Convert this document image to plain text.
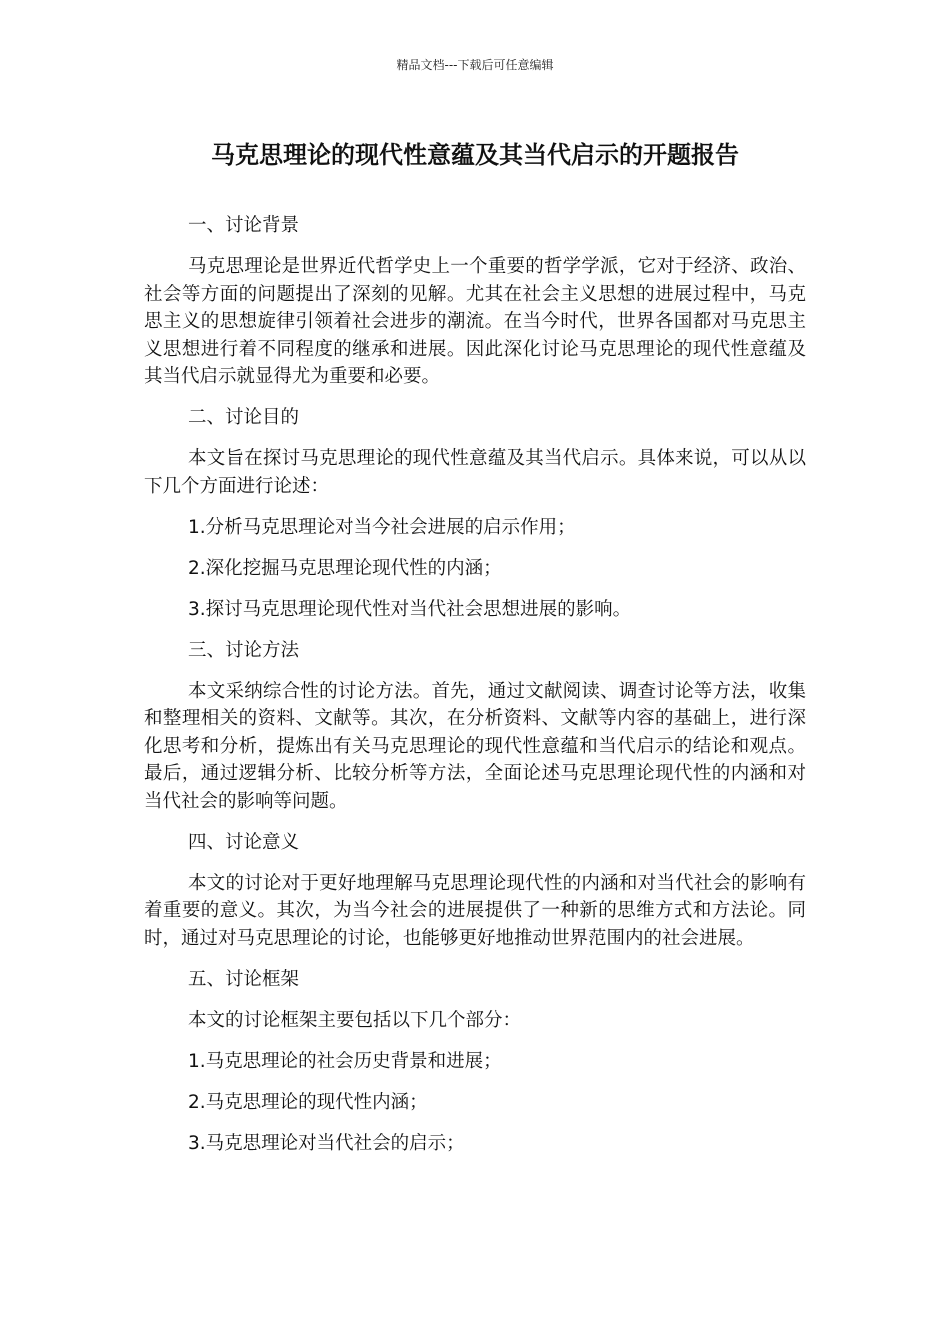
精品文档---下载后可任意编辑
马克思理论的现代性意蕴及其当代启示的开题报告

一、讨论背景

马克思理论是世界近代哲学史上一个重要的哲学学派，它对于经济、政治、社会等方面的问题提出了深刻的见解。尤其在社会主义思想的进展过程中，马克思主义的思想旋律引领着社会进步的潮流。在当今时代，世界各国都对马克思主义思想进行着不同程度的继承和进展。因此深化讨论马克思理论的现代性意蕴及其当代启示就显得尤为重要和必要。

二、讨论目的

本文旨在探讨马克思理论的现代性意蕴及其当代启示。具体来说，可以从以下几个方面进行论述：

1.分析马克思理论对当今社会进展的启示作用；

2.深化挖掘马克思理论现代性的内涵；

3.探讨马克思理论现代性对当代社会思想进展的影响。

三、讨论方法

本文采纳综合性的讨论方法。首先，通过文献阅读、调查讨论等方法，收集和整理相关的资料、文献等。其次，在分析资料、文献等内容的基础上，进行深化思考和分析，提炼出有关马克思理论的现代性意蕴和当代启示的结论和观点。最后，通过逻辑分析、比较分析等方法，全面论述马克思理论现代性的内涵和对当代社会的影响等问题。

四、讨论意义

本文的讨论对于更好地理解马克思理论现代性的内涵和对当代社会的影响有着重要的意义。其次，为当今社会的进展提供了一种新的思维方式和方法论。同时，通过对马克思理论的讨论，也能够更好地推动世界范围内的社会进展。

五、讨论框架

本文的讨论框架主要包括以下几个部分：

1.马克思理论的社会历史背景和进展；

2.马克思理论的现代性内涵；

3.马克思理论对当代社会的启示；
